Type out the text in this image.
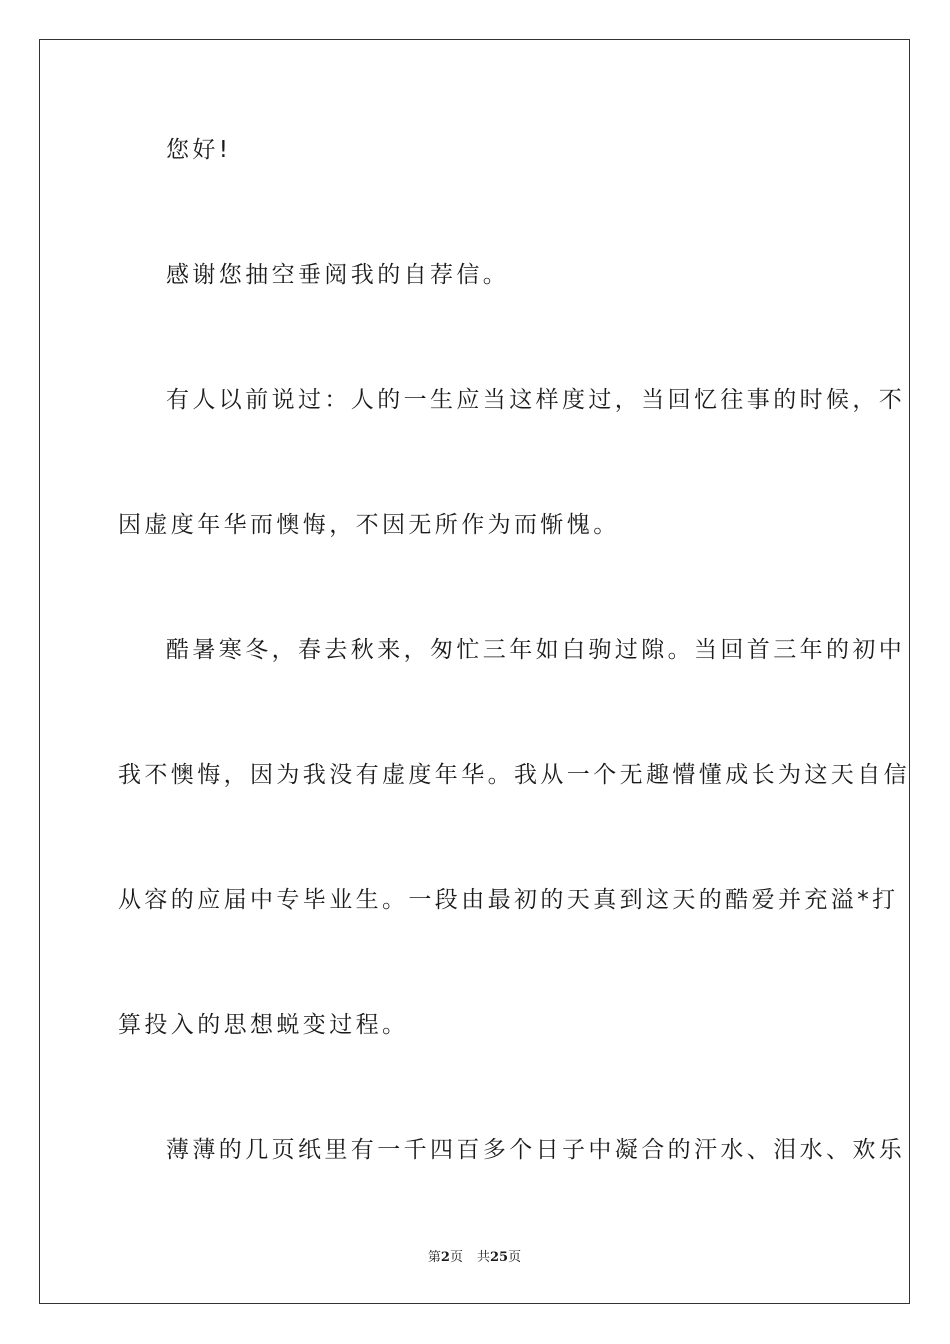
您好!
感谢您抽空垂阅我的自荐信。
有人以前说过：人的一生应当这样度过，当回忆往事的时候，不
因虚度年华而懊悔，不因无所作为而惭愧。
酷暑寒冬，春去秋来，匆忙三年如白驹过隙。当回首三年的初中
我不懊悔，因为我没有虚度年华。我从一个无趣懵懂成长为这天自信
从容的应届中专毕业生。一段由最初的天真到这天的酷爱并充溢*打
算投入的思想蜕变过程。
薄薄的几页纸里有一千四百多个日子中凝合的汗水、泪水、欢乐
第2页 共25页
